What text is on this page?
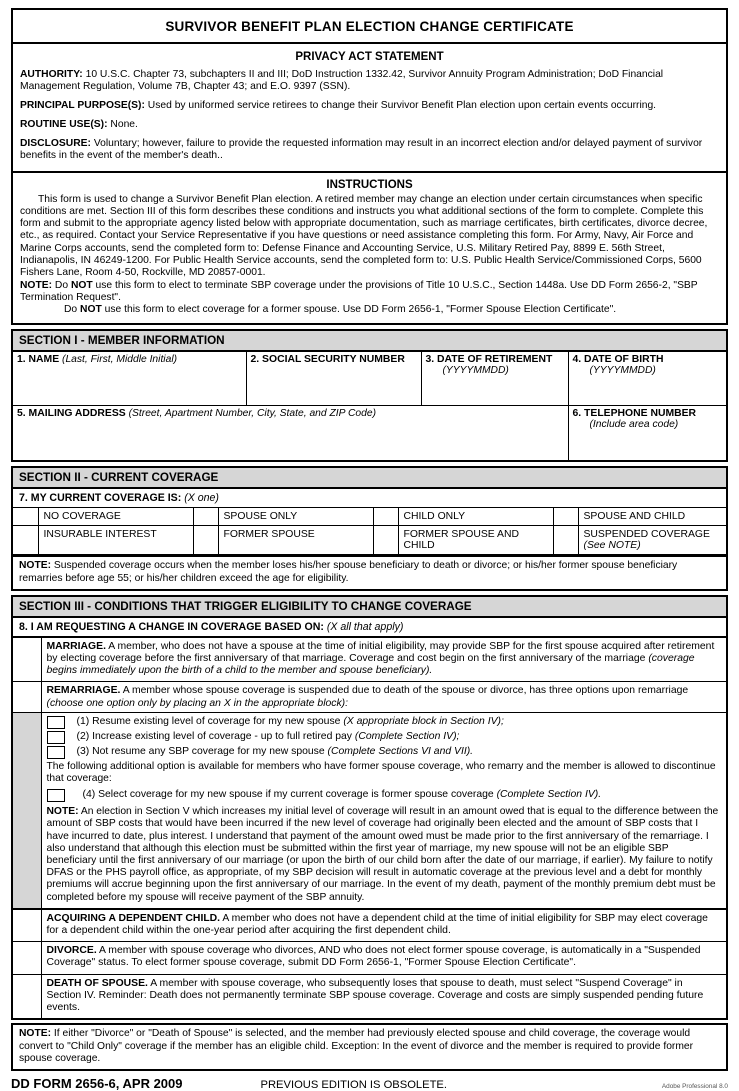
SURVIVOR BENEFIT PLAN ELECTION CHANGE CERTIFICATE
PRIVACY ACT STATEMENT

AUTHORITY: 10 U.S.C. Chapter 73, subchapters II and III; DoD Instruction 1332.42, Survivor Annuity Program Administration; DoD Financial Management Regulation, Volume 7B, Chapter 43; and E.O. 9397 (SSN).

PRINCIPAL PURPOSE(S): Used by uniformed service retirees to change their Survivor Benefit Plan election upon certain events occurring.

ROUTINE USE(S): None.

DISCLOSURE: Voluntary; however, failure to provide the requested information may result in an incorrect election and/or delayed payment of survivor benefits in the event of the member's death..

INSTRUCTIONS

This form is used to change a Survivor Benefit Plan election. A retired member may change an election under certain circumstances when specific conditions are met. Section III of this form describes these conditions and instructs you what additional sections of the form to complete. Complete this form and submit to the appropriate agency listed below with appropriate documentation, such as marriage certificates, birth certificates, divorce decree, etc., as required. Contact your Service Representative if you have questions or need assistance completing this form. For Army, Navy, Air Force and Marine Corps accounts, send the completed form to: Defense Finance and Accounting Service, U.S. Military Retired Pay, 8899 E. 56th Street, Indianapolis, IN 46249-1200. For Public Health Service accounts, send the completed form to: U.S. Public Health Service/Commissioned Corps, 5600 Fishers Lane, Room 4-50, Rockville, MD 20857-0001.

NOTE: Do NOT use this form to elect to terminate SBP coverage under the provisions of Title 10 U.S.C., Section 1448a. Use DD Form 2656-2, "SBP Termination Request".

Do NOT use this form to elect coverage for a former spouse. Use DD Form 2656-1, "Former Spouse Election Certificate".

SECTION I - MEMBER INFORMATION
1. NAME (Last, First, Middle Initial)	2. SOCIAL SECURITY NUMBER	3. DATE OF RETIREMENT
(YYYYMMDD)	4. DATE OF BIRTH
(YYYYMMDD)

5. MAILING ADDRESS (Street, Apartment Number, City, State, and ZIP Code)			6. TELEPHONE NUMBER
(Include area code)
SECTION II - CURRENT COVERAGE
7. MY CURRENT COVERAGE IS: (X one)
	NO COVERAGE		SPOUSE ONLY		CHILD ONLY		SPOUSE AND CHILD
	INSURABLE INTEREST		FORMER SPOUSE		FORMER SPOUSE AND CHILD		SUSPENDED COVERAGE
(See NOTE)

NOTE: Suspended coverage occurs when the member loses his/her spouse beneficiary to death or divorce; or his/her former spouse beneficiary remarries before age 55; or his/her children exceed the age for eligibility.

SECTION III - CONDITIONS THAT TRIGGER ELIGIBILITY TO CHANGE COVERAGE
8. I AM REQUESTING A CHANGE IN COVERAGE BASED ON: (X all that apply)
	MARRIAGE. A member, who does not have a spouse at the time of initial eligibility, may provide SBP for the first spouse acquired after retirement by electing coverage before the first anniversary of that marriage. Coverage and cost begin on the first anniversary of the marriage (coverage begins immediately upon the birth of a child to the member and spouse beneficiary).
	REMARRIAGE. A member whose spouse coverage is suspended due to death of the spouse or divorce, has three options upon remarriage (choose one option only by placing an X in the appropriate block):

(1) Resume existing level of coverage for my new spouse (X appropriate block in Section IV);
(2) Increase existing level of coverage - up to full retired pay (Complete Section IV);
(3) Not resume any SBP coverage for my new spouse (Complete Sections VI and VII).

The following additional option is available for members who have former spouse coverage, who remarry and the member is allowed to discontinue that coverage:

(4) Select coverage for my new spouse if my current coverage is former spouse coverage (Complete Section IV).

NOTE: An election in Section V which increases my initial level of coverage will result in an amount owed that is equal to the difference between the amount of SBP costs that would have been incurred if the new level of coverage had originally been elected and the amount of SBP costs that I have incurred to date, plus interest. I understand that payment of the amount owed must be made prior to the first anniversary of the remarriage. I also understand that although this election must be submitted within the first year of marriage, my new spouse will not be an eligible SBP beneficiary until the first anniversary of our marriage (or upon the birth of our child born after the date of our marriage, if earlier). My failure to notify DFAS or the PHS payroll office, as appropriate, of my SBP decision will result in automatic coverage at the previous level and a debt for monthly premiums will accrue beginning upon the first anniversary of our marriage. In the event of my death, payment of the monthly premium debt must be completed before my spouse will receive payment of the SBP annuity.

	ACQUIRING A DEPENDENT CHILD. A member who does not have a dependent child at the time of initial eligibility for SBP may elect coverage for a dependent child within the one-year period after acquiring the first dependent child.
	DIVORCE. A member with spouse coverage who divorces, AND who does not elect former spouse coverage, is automatically in a "Suspended Coverage" status. To elect former spouse coverage, submit DD Form 2656-1, "Former Spouse Election Certificate".
	DEATH OF SPOUSE. A member with spouse coverage, who subsequently loses that spouse to death, must select "Suspend Coverage" in Section IV. Reminder: Death does not permanently terminate SBP spouse coverage. Coverage and costs are simply suspended pending future events.

NOTE: If either "Divorce" or "Death of Spouse" is selected, and the member had previously elected spouse and child coverage, the coverage would convert to "Child Only" coverage if the member has an eligible child. Exception: In the event of divorce and the member is required to provide former spouse coverage.

DD FORM 2656-6, APR 2009	PREVIOUS EDITION IS OBSOLETE.	Adobe Professional 8.0
